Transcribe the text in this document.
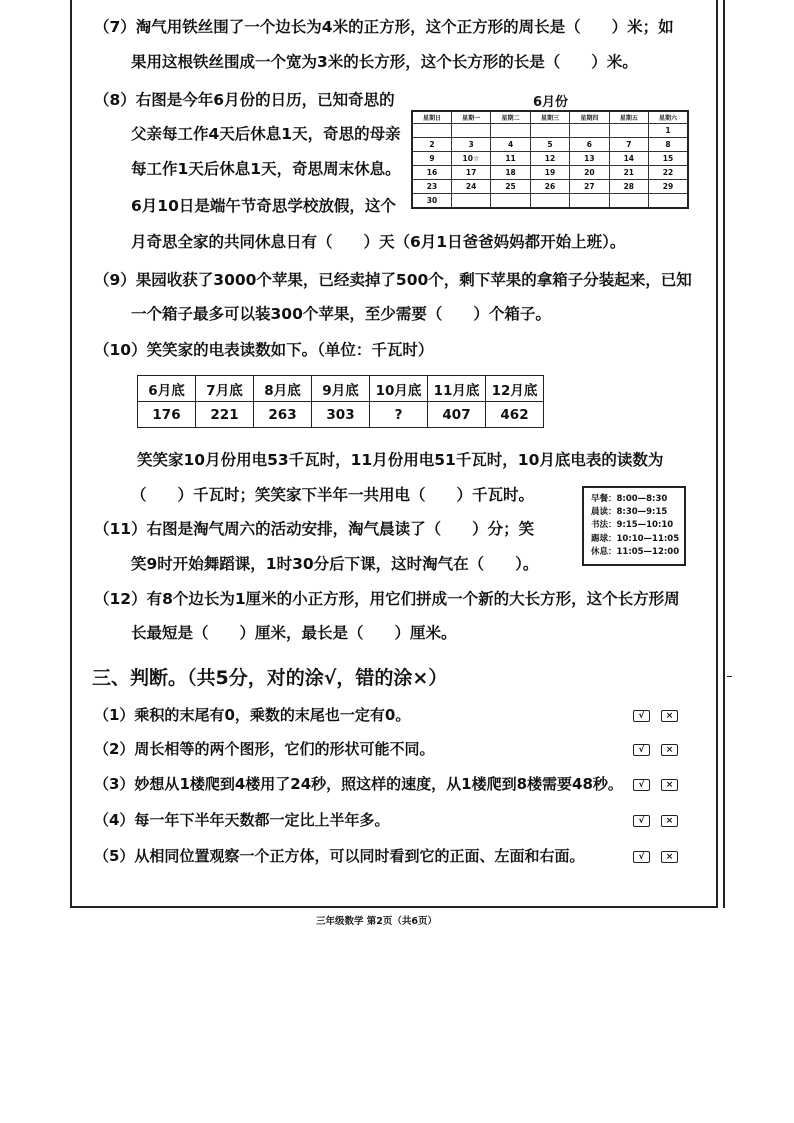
（7）淘气用铁丝围了一个边长为4米的正方形，这个正方形的周长是（　　）米；如
果用这根铁丝围成一个宽为3米的长方形，这个长方形的长是（　　）米。
（8）右图是今年6月份的日历，已知奇思的
父亲每工作4天后休息1天，奇思的母亲
每工作1天后休息1天，奇思周末休息。
6月10日是端午节奇思学校放假，这个
月奇思全家的共同休息日有（　　）天（6月1日爸爸妈妈都开始上班）。
6月份
星期日	星期一	星期二	星期三	星期四	星期五	星期六
						1
2	3	4	5	6	7	8
9	10☆	11	12	13	14	15
16	17	18	19	20	21	22
23	24	25	26	27	28	29
30						
（9）果园收获了3000个苹果，已经卖掉了500个，剩下苹果的拿箱子分装起来，已知
一个箱子最多可以装300个苹果，至少需要（　　）个箱子。
（10）笑笑家的电表读数如下。（单位：千瓦时）
6月底	7月底	8月底	9月底	10月底	11月底	12月底
176	221	263	303	?	407	462
笑笑家10月份用电53千瓦时，11月份用电51千瓦时，10月底电表的读数为
（　　）千瓦时；笑笑家下半年一共用电（　　）千瓦时。
（11）右图是淘气周六的活动安排，淘气晨读了（　　）分；笑
笑9时开始舞蹈课，1时30分后下课，这时淘气在（　　）。
早餐：8:00—8:30
晨读：8:30—9:15
书法：9:15—10:10
踢球：10:10—11:05
休息：11:05—12:00
（12）有8个边长为1厘米的小正方形，用它们拼成一个新的大长方形，这个长方形周
长最短是（　　）厘米，最长是（　　）厘米。
三、判断。（共5分，对的涂√，错的涂×）
（1）乘积的末尾有0，乘数的末尾也一定有0。	√ ×
（2）周长相等的两个图形，它们的形状可能不同。	√ ×
（3）妙想从1楼爬到4楼用了24秒，照这样的速度，从1楼爬到8楼需要48秒。	√ ×
（4）每一年下半年天数都一定比上半年多。	√ ×
（5）从相同位置观察一个正方体，可以同时看到它的正面、左面和右面。	√ ×
三年级数学 第2页（共6页）
